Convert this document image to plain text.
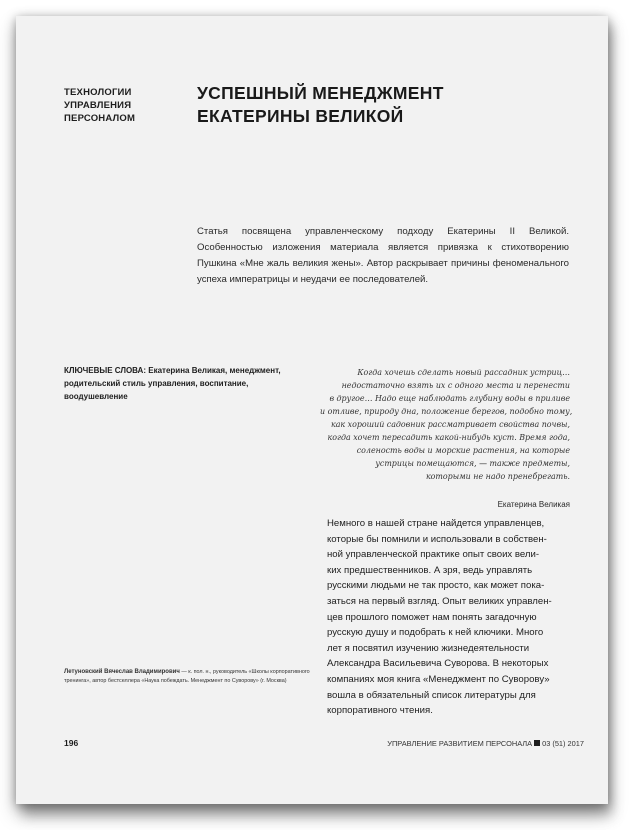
ТЕХНОЛОГИИ
УПРАВЛЕНИЯ
ПЕРСОНАЛОМ
УСПЕШНЫЙ МЕНЕДЖМЕНТ
ЕКАТЕРИНЫ ВЕЛИКОЙ
Статья посвящена управленческому подходу Екатерины II Великой. Особенностью изложения материала является привязка к стихотворению Пушкина «Мне жаль великия жены». Автор раскрывает причины феноменального успеха императрицы и неудачи ее последователей.
КЛЮЧЕВЫЕ СЛОВА: Екатерина Великая, менеджмент, родительский стиль управления, воспитание, воодушевление
Когда хочешь сделать новый рассадник устриц…
недостаточно взять их с одного места и перенести
в другое… Надо еще наблюдать глубину воды в приливе
и отливе, природу дна, положение берегов, подобно тому,
как хороший садовник рассматривает свойства почвы,
когда хочет пересадить какой-нибудь куст. Время года,
соленость воды и морские растения, на которые
устрицы помещаются, — также предметы,
которыми не надо пренебрегать.
Екатерина Великая
Немного в нашей стране найдется управленцев,
которые бы помнили и использовали в собствен-
ной управленческой практике опыт своих вели-
ких предшественников. А зря, ведь управлять
русскими людьми не так просто, как может пока-
заться на первый взгляд. Опыт великих управлен-
цев прошлого поможет нам понять загадочную
русскую душу и подобрать к ней ключики. Много
лет я посвятил изучению жизнедеятельности
Александра Васильевича Суворова. В некоторых
компаниях моя книга «Менеджмент по Суворову»
вошла в обязательный список литературы для
корпоративного чтения.
Летуновский Вячеслав Владимирович — к. пол. н., руководитель «Школы корпоративного тренинга», автор бестселлера «Наука побеждать. Менеджмент по Суворову» (г. Москва)
196	УПРАВЛЕНИЕ РАЗВИТИЕМ ПЕРСОНАЛА 03 (51) 2017
